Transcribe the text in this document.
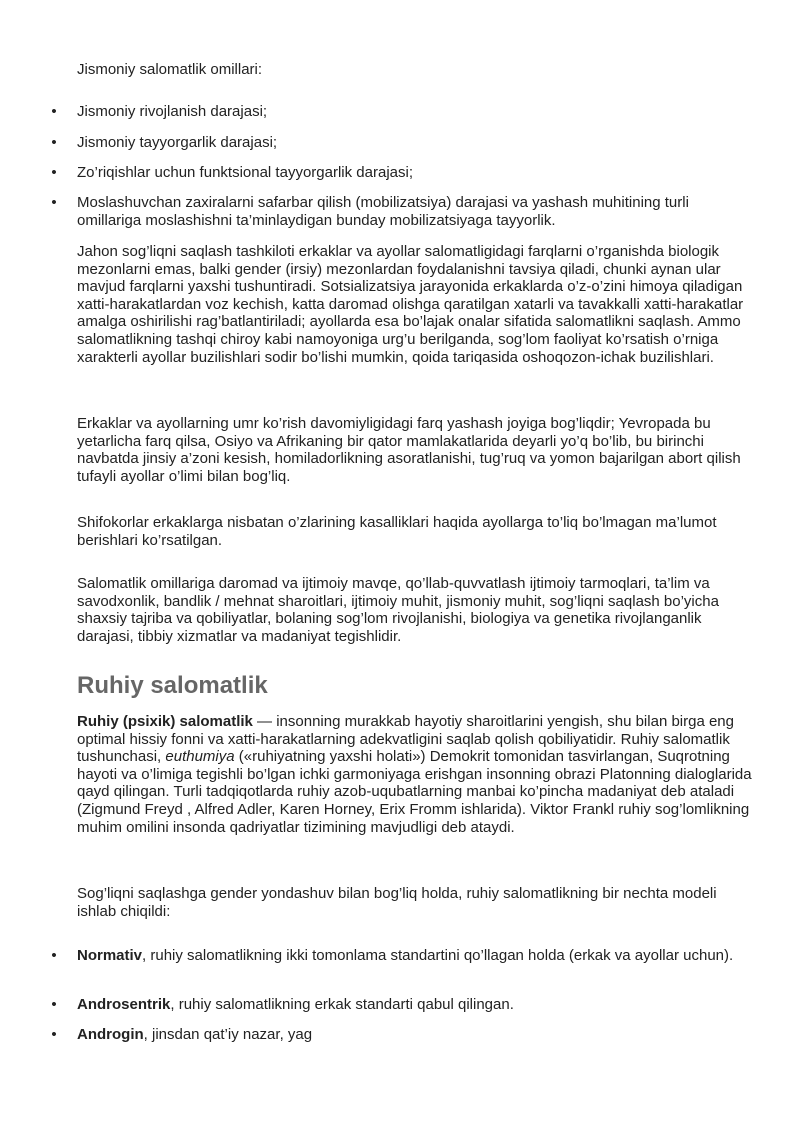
Jismoniy salomatlik omillari:
• Jismoniy rivojlanish darajasi;
• Jismoniy tayyorgarlik darajasi;
• Zo’riqishlar uchun funktsional tayyorgarlik darajasi;
• Moslashuvchan zaxiralarni safarbar qilish (mobilizatsiya) darajasi va yashash muhitining turli omillariga moslashishni ta’minlaydigan bunday mobilizatsiyaga tayyorlik.
Jahon sog’liqni saqlash tashkiloti erkaklar va ayollar salomatligidagi farqlarni o’rganishda biologik mezonlarni emas, balki gender (irsiy) mezonlardan foydalanishni tavsiya qiladi, chunki aynan ular mavjud farqlarni yaxshi tushuntiradi. Sotsializatsiya jarayonida erkaklarda o’z-o’zini himoya qiladigan xatti-harakatlardan voz kechish, katta daromad olishga qaratilgan xatarli va tavakkalli xatti-harakatlar amalga oshirilishi rag’batlantiriladi; ayollarda esa bo’lajak onalar sifatida salomatlikni saqlash. Ammo salomatlikning tashqi chiroy kabi namoyoniga urg’u berilganda, sog’lom faoliyat ko’rsatish o’rniga xarakterli ayollar buzilishlari sodir bo’lishi mumkin, qoida tariqasida oshoqozon-ichak buzilishlari.
Erkaklar va ayollarning umr ko’rish davomiyligidagi farq yashash joyiga bog’liqdir; Yevropada bu yetarlicha farq qilsa, Osiyo va Afrikaning bir qator mamlakatlarida deyarli yo’q bo’lib, bu birinchi navbatda jinsiy a’zoni kesish, homiladorlikning asoratlanishi, tug’ruq va yomon bajarilgan abort qilish tufayli ayollar o’limi bilan bog’liq.
Shifokorlar erkaklarga nisbatan o’zlarining kasalliklari haqida ayollarga to’liq bo’lmagan ma’lumot berishlari ko’rsatilgan.
Salomatlik omillariga daromad va ijtimoiy mavqe, qo’llab-quvvatlash ijtimoiy tarmoqlari, ta’lim va savodxonlik, bandlik / mehnat sharoitlari, ijtimoiy muhit, jismoniy muhit, sog’liqni saqlash bo’yicha shaxsiy tajriba va qobiliyatlar, bolaning sog’lom rivojlanishi, biologiya va genetika rivojlanganlik darajasi, tibbiy xizmatlar va madaniyat tegishlidir.
Ruhiy salomatlik
Ruhiy (psixik) salomatlik — insonning murakkab hayotiy sharoitlarini yengish, shu bilan birga eng optimal hissiy fonni va xatti-harakatlarning adekvatligini saqlab qolish qobiliyatidir. Ruhiy salomatlik tushunchasi, euthumiya («ruhiyatning yaxshi holati») Demokrit tomonidan tasvirlangan, Suqrotning hayoti va o’limiga tegishli bo’lgan ichki garmoniyaga erishgan insonning obrazi Platonning dialoglarida qayd qilingan. Turli tadqiqotlarda ruhiy azob-uqubatlarning manbai ko’pincha madaniyat deb ataladi (Zigmund Freyd , Alfred Adler, Karen Horney, Erix Fromm ishlarida). Viktor Frankl ruhiy sog’lomlikning muhim omilini insonda qadriyatlar tizimining mavjudligi deb ataydi.
Sog’liqni saqlashga gender yondashuv bilan bog’liq holda, ruhiy salomatlikning bir nechta modeli ishlab chiqildi:
• Normativ, ruhiy salomatlikning ikki tomonlama standartini qo’llagan holda (erkak va ayollar uchun).
• Androsentrik, ruhiy salomatlikning erkak standarti qabul qilingan.
• Androgin, jinsdan qat’iy nazar, yag
